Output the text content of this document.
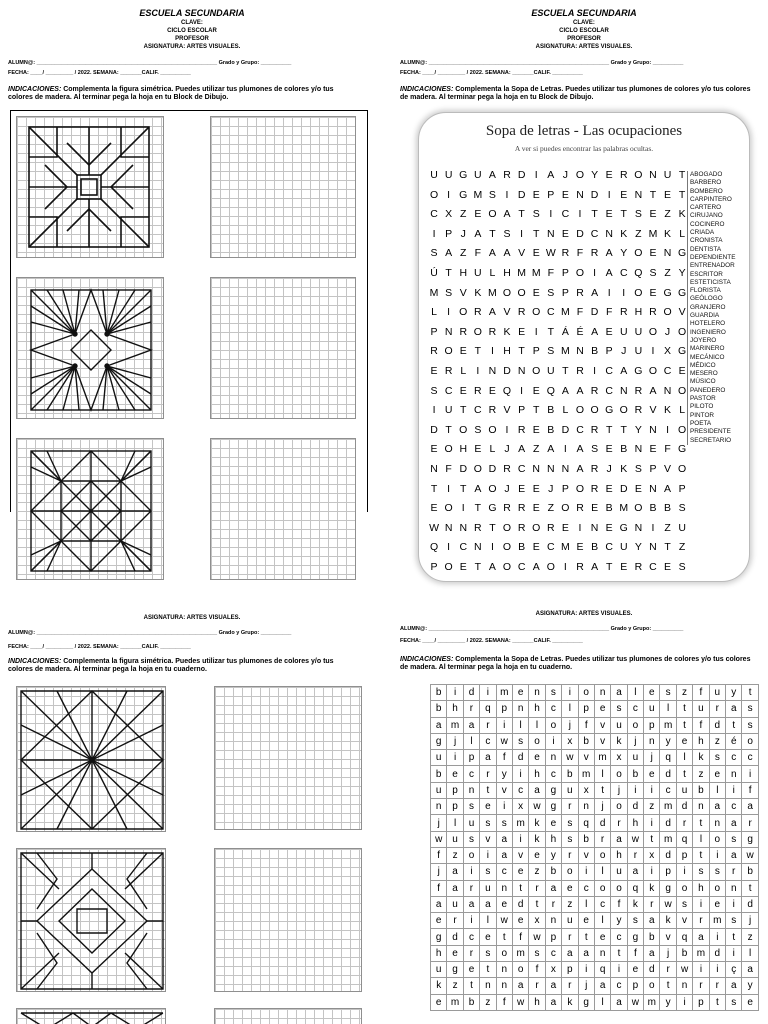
ESCUELA SECUNDARIA
CLAVE:
CICLO ESCOLAR
PROFESOR
ASIGNATURA: ARTES VISUALES.
ALUMN@: ___________________________________________________________ Grado y Grupo: __________
FECHA: ____/ _________ / 2022. SEMANA: _______CALIF. __________
INDICACIONES: Complementa la figura simétrica. Puedes utilizar tus plumones de colores y/o tus colores de madera. Al terminar pega la hoja en tu Block de Dibujo.
ESCUELA SECUNDARIA
CLAVE:
CICLO ESCOLAR
PROFESOR
ASIGNATURA: ARTES VISUALES.
ALUMN@: ___________________________________________________________ Grado y Grupo: __________
FECHA: ____/ _________ / 2022. SEMANA: _______CALIF. __________
INDICACIONES: Complementa la Sopa de Letras. Puedes utilizar tus plumones de colores y/o tus colores de madera. Al terminar pega la hoja en tu Block de Dibujo.
Sopa de letras - Las ocupaciones
A ver si puedes encontrar las palabras ocultas.
U U G U A R D I A J O Y E R O N U T
O I G M S I D E P E N D I E N T E T
C X Z E O A T S I C I T E T S E Z K
I P J A T S I T N E D C N K Z M K L
S A Z F A A V E W R F R A Y O E N G
Ú T H U L H M M F P O I A C Q S Z Y
M S V K M O O E S P R A I I O E G G
L I O R A V R O C M F D F R H R O V
P N R O R K E I T Á É A E U U O J O
R O E T I H T P S M N B P J U I X G
E R L I N D N O U T R I C A G O C E
S C E R E Q I E Q A A R C N R A N O
I U T C R V P T B L O O G O R V K L
D T O S O I R E B D C R T T Y N I O
E O H E L J A Z A I A S E B N E F G
N F D O D R C N N N A R J K S P V O
T I T A O J E E J P O R E D E N A P
E O I T G R R E Z O R E B M O B B S
W N N R T O R O R E I N E G N I Z U
Q I C N I O B E C M E B C U Y N T Z
P O E T A O C A O I R A T E R C E S
ABOGADO
BARBERO
BOMBERO
CARPINTERO
CARTERO
CIRUJANO
COCINERO
CRIADA
CRONISTA
DENTISTA
DEPENDIENTE
ENTRENADOR
ESCRITOR
ESTETICISTA
FLORISTA
GEÓLOGO
GRANJERO
GUARDIA
HOTELERO
INGENIERO
JOYERO
MARINERO
MECÁNICO
MÉDICO
MESERO
MÚSICO
PANEDERO
PASTOR
PILOTO
PINTOR
POETA
PRESIDENTE
SECRETARIO
ASIGNATURA: ARTES VISUALES.
ALUMN@: ___________________________________________________________ Grado y Grupo: __________
FECHA: ____/ _________ / 2022. SEMANA: _______CALIF. __________
INDICACIONES: Complementa la figura simétrica. Puedes utilizar tus plumones de colores y/o tus colores de madera. Al terminar pega la hoja en tu cuaderno.
ASIGNATURA: ARTES VISUALES.
ALUMN@: ___________________________________________________________ Grado y Grupo: __________
FECHA: ____/ _________ / 2022. SEMANA: _______CALIF. __________
INDICACIONES: Complementa la Sopa de Letras. Puedes utilizar tus plumones de colores y/o tus colores de madera. Al terminar pega la hoja en tu cuaderno.
b	i	d	i	m	e	n	s	i	o	n	a	l	e	s	z	f	u	y	t
b	h	r	q	p	n	h	c	l	p	e	s	c	u	l	t	u	r	a	s
a	m	a	r	i	l	l	o	j	f	v	u	o	p	m	t	f	d	t	s
g	j	l	c	w	s	o	i	x	b	v	k	j	n	y	e	h	z	é	o
u	i	p	a	f	d	e	n	w	v	m	x	u	j	q	l	k	s	c	c
b	e	c	r	y	i	h	c	b	m	l	o	b	e	d	t	z	e	n	i
u	p	n	t	v	c	a	g	u	x	t	j	i	i	c	u	b	l	i	f
n	p	s	e	i	x	w	g	r	n	j	o	d	z	m	d	n	a	c	a
j	l	u	s	s	m	k	e	s	q	d	r	h	i	d	r	t	n	a	r
w	u	s	v	a	i	k	h	s	b	r	a	w	t	m	q	l	o	s	g
f	z	o	i	a	v	e	y	r	v	o	h	r	x	d	p	t	i	a	w
j	a	i	s	c	e	z	b	o	i	l	u	a	i	p	i	s	s	r	b
f	a	r	u	n	t	r	a	e	c	o	o	q	k	g	o	h	o	n	t
a	u	a	a	e	d	t	r	z	l	c	f	k	r	w	s	i	e	i	d
e	r	i	l	w	e	x	n	u	e	l	y	s	a	k	v	r	m	s	j
g	d	c	e	t	f	w	p	r	t	e	c	g	b	v	q	a	i	t	z
h	e	r	s	o	m	s	c	a	a	n	t	f	a	j	b	m	d	i	l
u	g	e	t	n	o	f	x	p	i	q	i	e	d	r	w	i	i	ç	a
k	z	t	n	n	a	r	a	r	j	a	c	p	o	t	n	r	r	a	y
e	m	b	z	f	w	h	a	k	g	l	a	w	m	y	i	p	t	s	e
